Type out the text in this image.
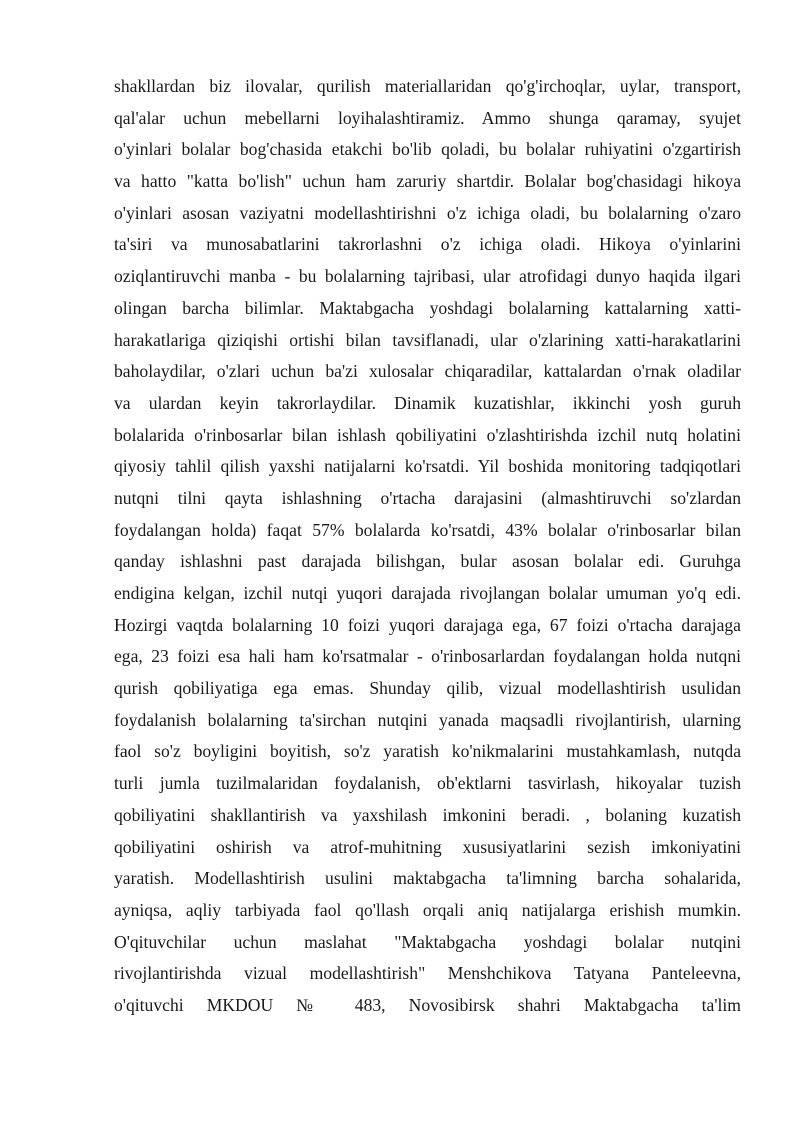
shakllardan biz ilovalar, qurilish materiallaridan qo'g'irchoqlar, uylar, transport,
qal'alar uchun mebellarni loyihalashtiramiz. Ammo shunga qaramay, syujet
o'yinlari bolalar bog'chasida etakchi bo'lib qoladi, bu bolalar ruhiyatini o'zgartirish
va hatto "katta bo'lish" uchun ham zaruriy shartdir. Bolalar bog'chasidagi hikoya
o'yinlari asosan vaziyatni modellashtirishni o'z ichiga oladi, bu bolalarning o'zaro
ta'siri va munosabatlarini takrorlashni o'z ichiga oladi. Hikoya o'yinlarini
oziqlantiruvchi manba - bu bolalarning tajribasi, ular atrofidagi dunyo haqida ilgari
olingan barcha bilimlar. Maktabgacha yoshdagi bolalarning kattalarning xatti-
harakatlariga qiziqishi ortishi bilan tavsiflanadi, ular o'zlarining xatti-harakatlarini
baholaydilar, o'zlari uchun ba'zi xulosalar chiqaradilar, kattalardan o'rnak oladilar
va ulardan keyin takrorlaydilar. Dinamik kuzatishlar, ikkinchi yosh guruh
bolalarida o'rinbosarlar bilan ishlash qobiliyatini o'zlashtirishda izchil nutq holatini
qiyosiy tahlil qilish yaxshi natijalarni ko'rsatdi. Yil boshida monitoring tadqiqotlari
nutqni tilni qayta ishlashning o'rtacha darajasini (almashtiruvchi so'zlardan
foydalangan holda) faqat 57% bolalarda ko'rsatdi, 43% bolalar o'rinbosarlar bilan
qanday ishlashni past darajada bilishgan, bular asosan bolalar edi. Guruhga
endigina kelgan, izchil nutqi yuqori darajada rivojlangan bolalar umuman yo'q edi.
Hozirgi vaqtda bolalarning 10 foizi yuqori darajaga ega, 67 foizi o'rtacha darajaga
ega, 23 foizi esa hali ham ko'rsatmalar - o'rinbosarlardan foydalangan holda nutqni
qurish qobiliyatiga ega emas. Shunday qilib, vizual modellashtirish usulidan
foydalanish bolalarning ta'sirchan nutqini yanada maqsadli rivojlantirish, ularning
faol so'z boyligini boyitish, so'z yaratish ko'nikmalarini mustahkamlash, nutqda
turli jumla tuzilmalaridan foydalanish, ob'ektlarni tasvirlash, hikoyalar tuzish
qobiliyatini shakllantirish va yaxshilash imkonini beradi. , bolaning kuzatish
qobiliyatini oshirish va atrof-muhitning xususiyatlarini sezish imkoniyatini
yaratish. Modellashtirish usulini maktabgacha ta'limning barcha sohalarida,
ayniqsa, aqliy tarbiyada faol qo'llash orqali aniq natijalarga erishish mumkin.
O'qituvchilar uchun maslahat "Maktabgacha yoshdagi bolalar nutqini
rivojlantirishda vizual modellashtirish" Menshchikova Tatyana Panteleevna,
o'qituvchi MKDOU № 483, Novosibirsk shahri Maktabgacha ta'lim
